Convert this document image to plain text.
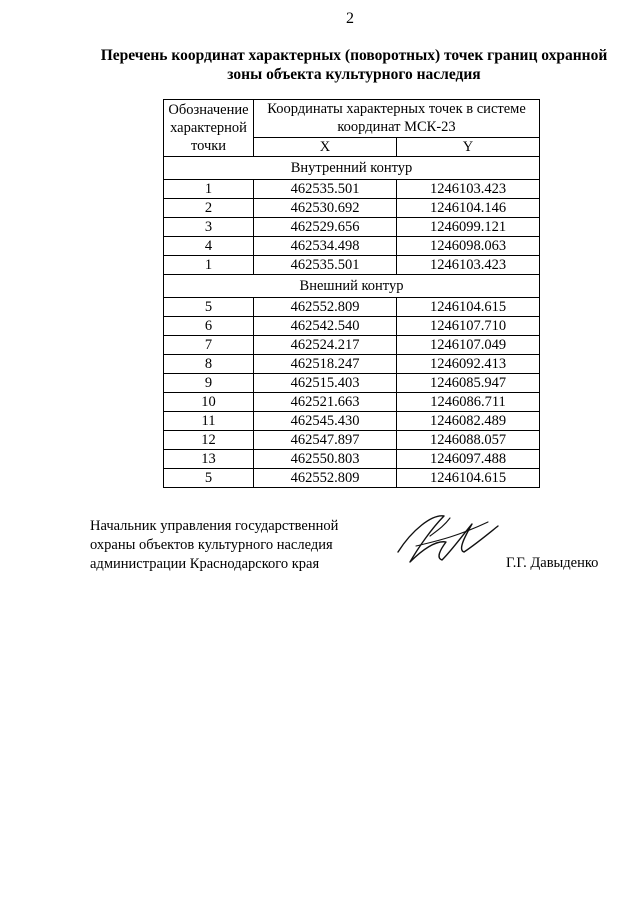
2
Перечень координат характерных (поворотных) точек границ охранной
зоны объекта культурного наследия
Обозначение
характерной
точки	Координаты характерных точек в системе координат МСК-23	
	X	Y
Внутренний контур		
1	462535.501	1246103.423
2	462530.692	1246104.146
3	462529.656	1246099.121
4	462534.498	1246098.063
1	462535.501	1246103.423
Внешний контур		
5	462552.809	1246104.615
6	462542.540	1246107.710
7	462524.217	1246107.049
8	462518.247	1246092.413
9	462515.403	1246085.947
10	462521.663	1246086.711
11	462545.430	1246082.489
12	462547.897	1246088.057
13	462550.803	1246097.488
5	462552.809	1246104.615
Начальник управления государственной
охраны объектов культурного наследия
администрации Краснодарского края	Г.Г. Давыденко
